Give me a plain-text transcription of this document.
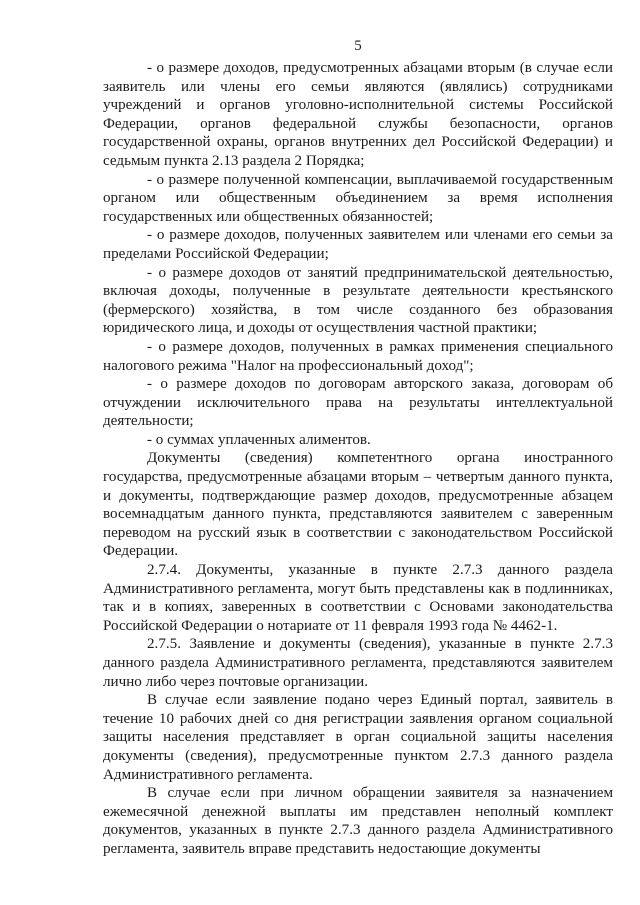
5

- о размере доходов, предусмотренных абзацами вторым (в случае если заявитель или члены его семьи являются (являлись) сотрудниками учреждений и органов уголовно-исполнительной системы Российской Федерации, органов федеральной службы безопасности, органов государственной охраны, органов внутренних дел Российской Федерации) и седьмым пункта 2.13 раздела 2 Порядка;

- о размере полученной компенсации, выплачиваемой государственным органом или общественным объединением за время исполнения государственных или общественных обязанностей;

- о размере доходов, полученных заявителем или членами его семьи за пределами Российской Федерации;

- о размере доходов от занятий предпринимательской деятельностью, включая доходы, полученные в результате деятельности крестьянского (фермерского) хозяйства, в том числе созданного без образования юридического лица, и доходы от осуществления частной практики;

- о размере доходов, полученных в рамках применения специального налогового режима "Налог на профессиональный доход";

- о размере доходов по договорам авторского заказа, договорам об отчуждении исключительного права на результаты интеллектуальной деятельности;

- о суммах уплаченных алиментов.

Документы (сведения) компетентного органа иностранного государства, предусмотренные абзацами вторым – четвертым данного пункта, и документы, подтверждающие размер доходов, предусмотренные абзацем восемнадцатым данного пункта, представляются заявителем с заверенным переводом на русский язык в соответствии с законодательством Российской Федерации.

2.7.4. Документы, указанные в пункте 2.7.3 данного раздела Административного регламента, могут быть представлены как в подлинниках, так и в копиях, заверенных в соответствии с Основами законодательства Российской Федерации о нотариате от 11 февраля 1993 года № 4462-1.

2.7.5. Заявление и документы (сведения), указанные в пункте 2.7.3 данного раздела Административного регламента, представляются заявителем лично либо через почтовые организации.

В случае если заявление подано через Единый портал, заявитель в течение 10 рабочих дней со дня регистрации заявления органом социальной защиты населения представляет в орган социальной защиты населения документы (сведения), предусмотренные пунктом 2.7.3 данного раздела Административного регламента.

В случае если при личном обращении заявителя за назначением ежемесячной денежной выплаты им представлен неполный комплект документов, указанных в пункте 2.7.3 данного раздела Административного регламента, заявитель вправе представить недостающие документы
